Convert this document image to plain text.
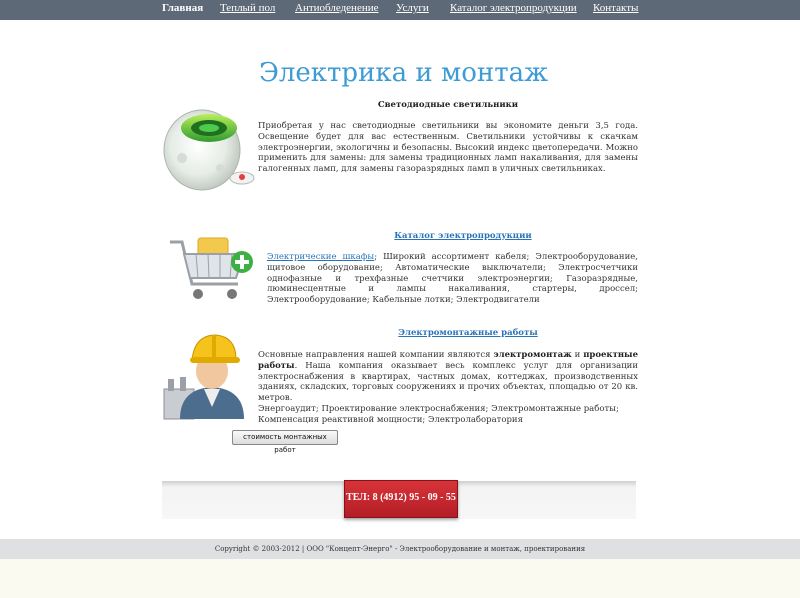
Главная Теплый пол Антиобледенение Услуги Каталог электропродукции Контакты
Электрика и монтаж
Светодиодные светильники
Приобретая у нас светодиодные светильники вы экономите деньги 3,5 года. Освещение будет для вас естественным. Светильники устойчивы к скачкам электроэнергии, экологичны и безопасны. Высокий индекс цветопередачи. Можно применить для замены: для замены традиционных ламп накаливания, для замены галогенных ламп, для замены газоразрядных ламп в уличных светильниках.
Каталог электропродукции
Электрические шкафы; Широкий ассортимент кабеля; Электрооборудование, щитовое оборудование; Автоматические выключатели; Электросчетчики однофазные и трехфазные счетчики электроэнергии; Газоразрядные, люминесцентные и лампы накаливания, стартеры, дроссел; Электрооборудование; Кабельные лотки; Электродвигатели
Электромонтажные работы
Основные направления нашей компании являются электромонтаж и проектные работы. Наша компания оказывает весь комплекс услуг для организации электроснабжения в квартирах, частных домах, коттеджах, производственных зданиях, складских, торговых сооружениях и прочих объектах, площадью от 20 кв. метров.
Энергоаудит; Проектирование электроснабжения; Электромонтажные работы; Компенсация реактивной мощности; Электролаборатория
стоимость монтажных работ
ТЕЛ: 8 (4912) 95 - 09 - 55
Copyright © 2003-2012 | ООО "Концепт-Энерго" - Электрооборудование и монтаж, проектирования
